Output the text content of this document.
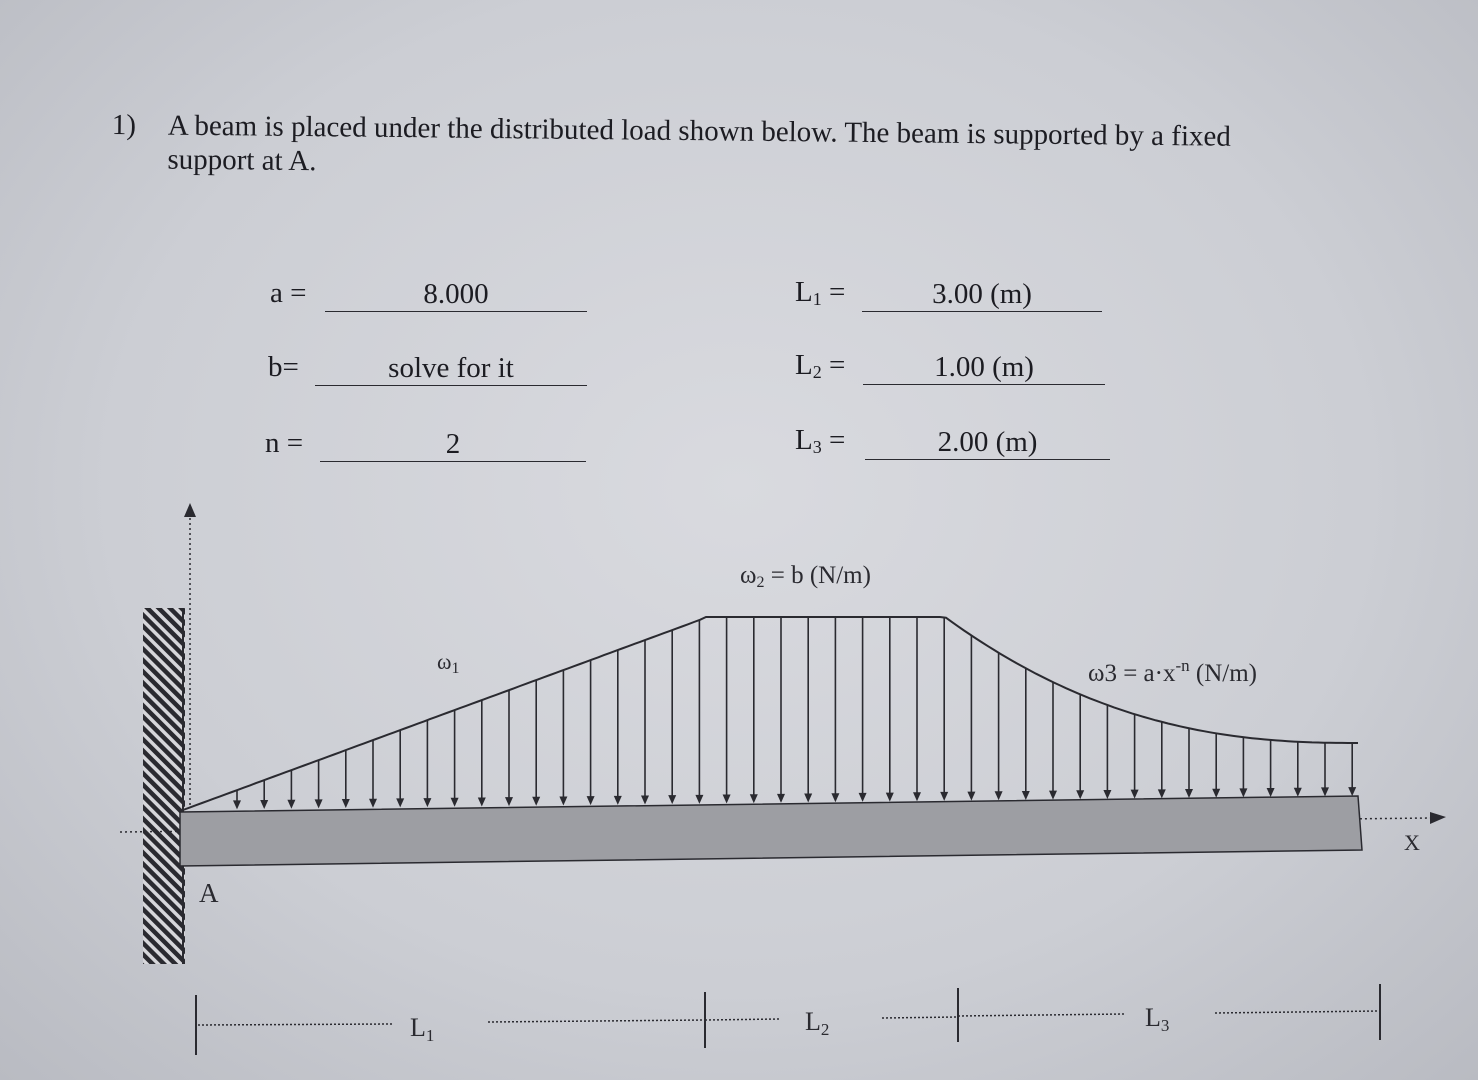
1) A beam is placed under the distributed load shown below. The beam is supported by a fixed support at A.
a =	8.000
b=	solve for it
n =	2
$L_1$ =	3.00 (m)
$L_2$ =	1.00 (m)
$L_3$ =	2.00 (m)
ω1
ω2 = b (N/m)
$\omega 3 = a\cdot x^{-n}$ (N/m)
A
X
L1	L2	L3
